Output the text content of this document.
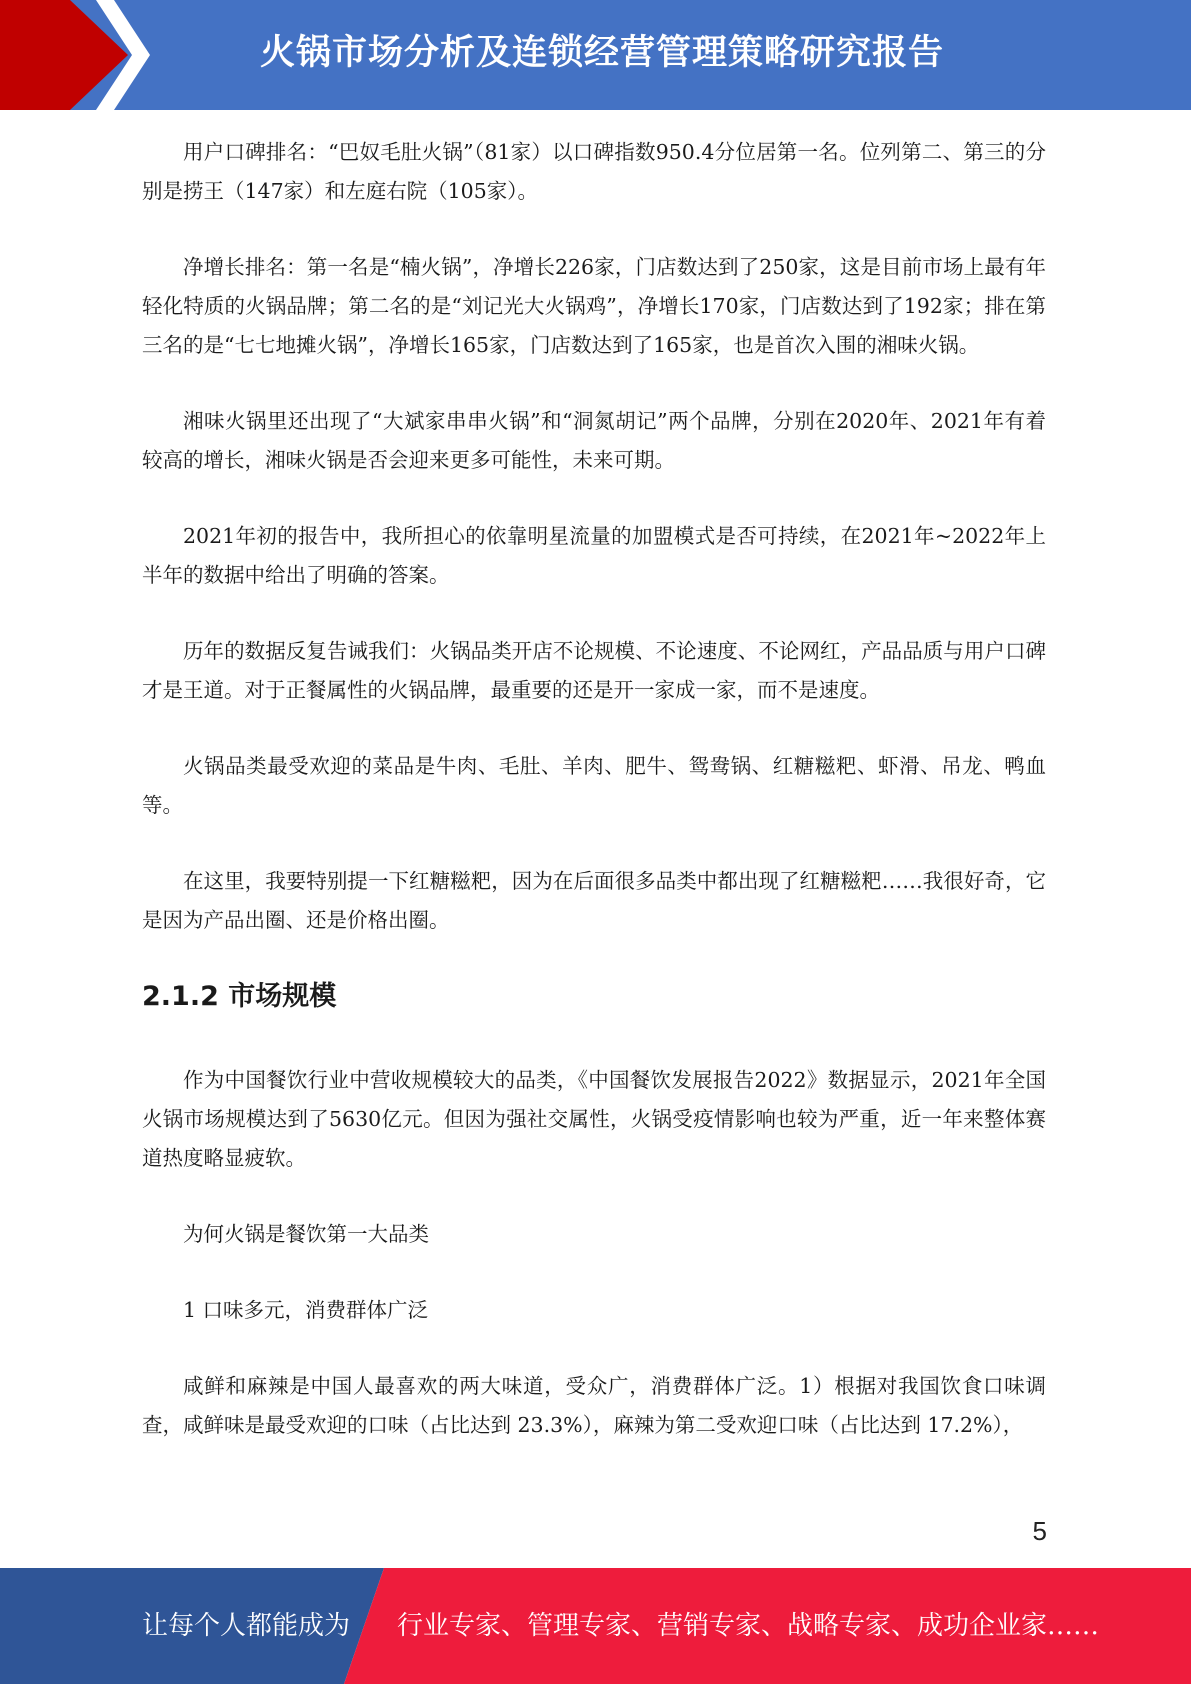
火锅市场分析及连锁经营管理策略研究报告

用户口碑排名：“巴奴毛肚火锅”（81家）以口碑指数950.4分位居第一名。位列第二、第三的分别是捞王（147家）和左庭右院（105家）。

净增长排名：第一名是“楠火锅”，净增长226家，门店数达到了250家，这是目前市场上最有年轻化特质的火锅品牌；第二名的是“刘记光大火锅鸡”，净增长170家，门店数达到了192家；排在第三名的是“七七地摊火锅”，净增长165家，门店数达到了165家，也是首次入围的湘味火锅。

湘味火锅里还出现了“大斌家串串火锅”和“洞氮胡记”两个品牌，分别在2020年、2021年有着较高的增长，湘味火锅是否会迎来更多可能性，未来可期。

2021年初的报告中，我所担心的依靠明星流量的加盟模式是否可持续，在2021年~2022年上半年的数据中给出了明确的答案。

历年的数据反复告诫我们：火锅品类开店不论规模、不论速度、不论网红，产品品质与用户口碑才是王道。对于正餐属性的火锅品牌，最重要的还是开一家成一家，而不是速度。

火锅品类最受欢迎的菜品是牛肉、毛肚、羊肉、肥牛、鸳鸯锅、红糖糍粑、虾滑、吊龙、鸭血等。

在这里，我要特别提一下红糖糍粑，因为在后面很多品类中都出现了红糖糍粑……我很好奇，它是因为产品出圈、还是价格出圈。

2.1.2 市场规模

作为中国餐饮行业中营收规模较大的品类，《中国餐饮发展报告2022》数据显示，2021年全国火锅市场规模达到了5630亿元。但因为强社交属性，火锅受疫情影响也较为严重，近一年来整体赛道热度略显疲软。

为何火锅是餐饮第一大品类

1 口味多元，消费群体广泛

咸鲜和麻辣是中国人最喜欢的两大味道，受众广，消费群体广泛。1）根据对我国饮食口味调查，咸鲜味是最受欢迎的口味（占比达到 23.3%），麻辣为第二受欢迎口味（占比达到 17.2%），

5
让每个人都能成为 行业专家、管理专家、营销专家、战略专家、成功企业家……
